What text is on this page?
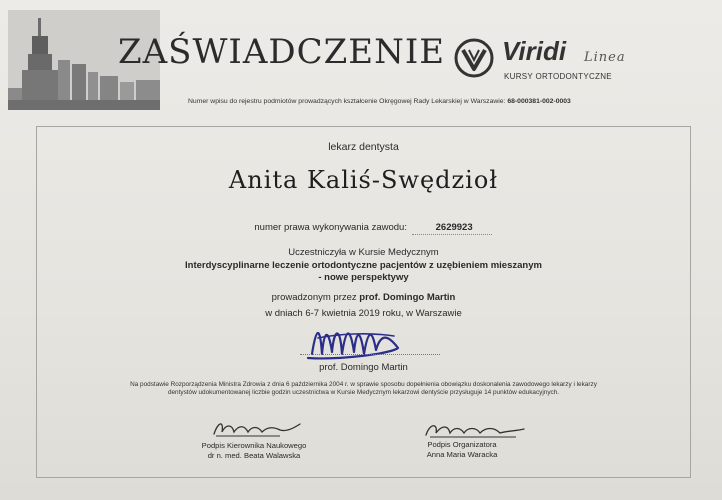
ZAŚWIADCZENIE Viridi Linea
KURSY ORTODONTYCZNE
Numer wpisu do rejestru podmiotów prowadzących kształcenie Okręgowej Rady Lekarskiej w Warszawie: 68-000381-002-0003
lekarz dentysta
Anita Kaliś-Swędzioł
numer prawa wykonywania zawodu:	2629923
Uczestniczyła w Kursie Medycznym
Interdyscyplinarne leczenie ortodontyczne pacjentów z uzębieniem mieszanym
- nowe perspektywy
prowadzonym przez prof. Domingo Martin
w dniach 6-7 kwietnia 2019 roku, w Warszawie
prof. Domingo Martin
Na podstawie Rozporządzenia Ministra Zdrowia z dnia 6 października 2004 r. w sprawie sposobu dopełnienia obowiązku doskonalenia zawodowego lekarzy i lekarzy dentystów udokumentowanej liczbie godzin uczestnictwa w Kursie Medycznym lekarzowi dentyście przysługuje 14 punktów edukacyjnych.
Podpis Kierownika Naukowego
dr n. med. Beata Walawska
Podpis Organizatora
Anna Maria Waracka
